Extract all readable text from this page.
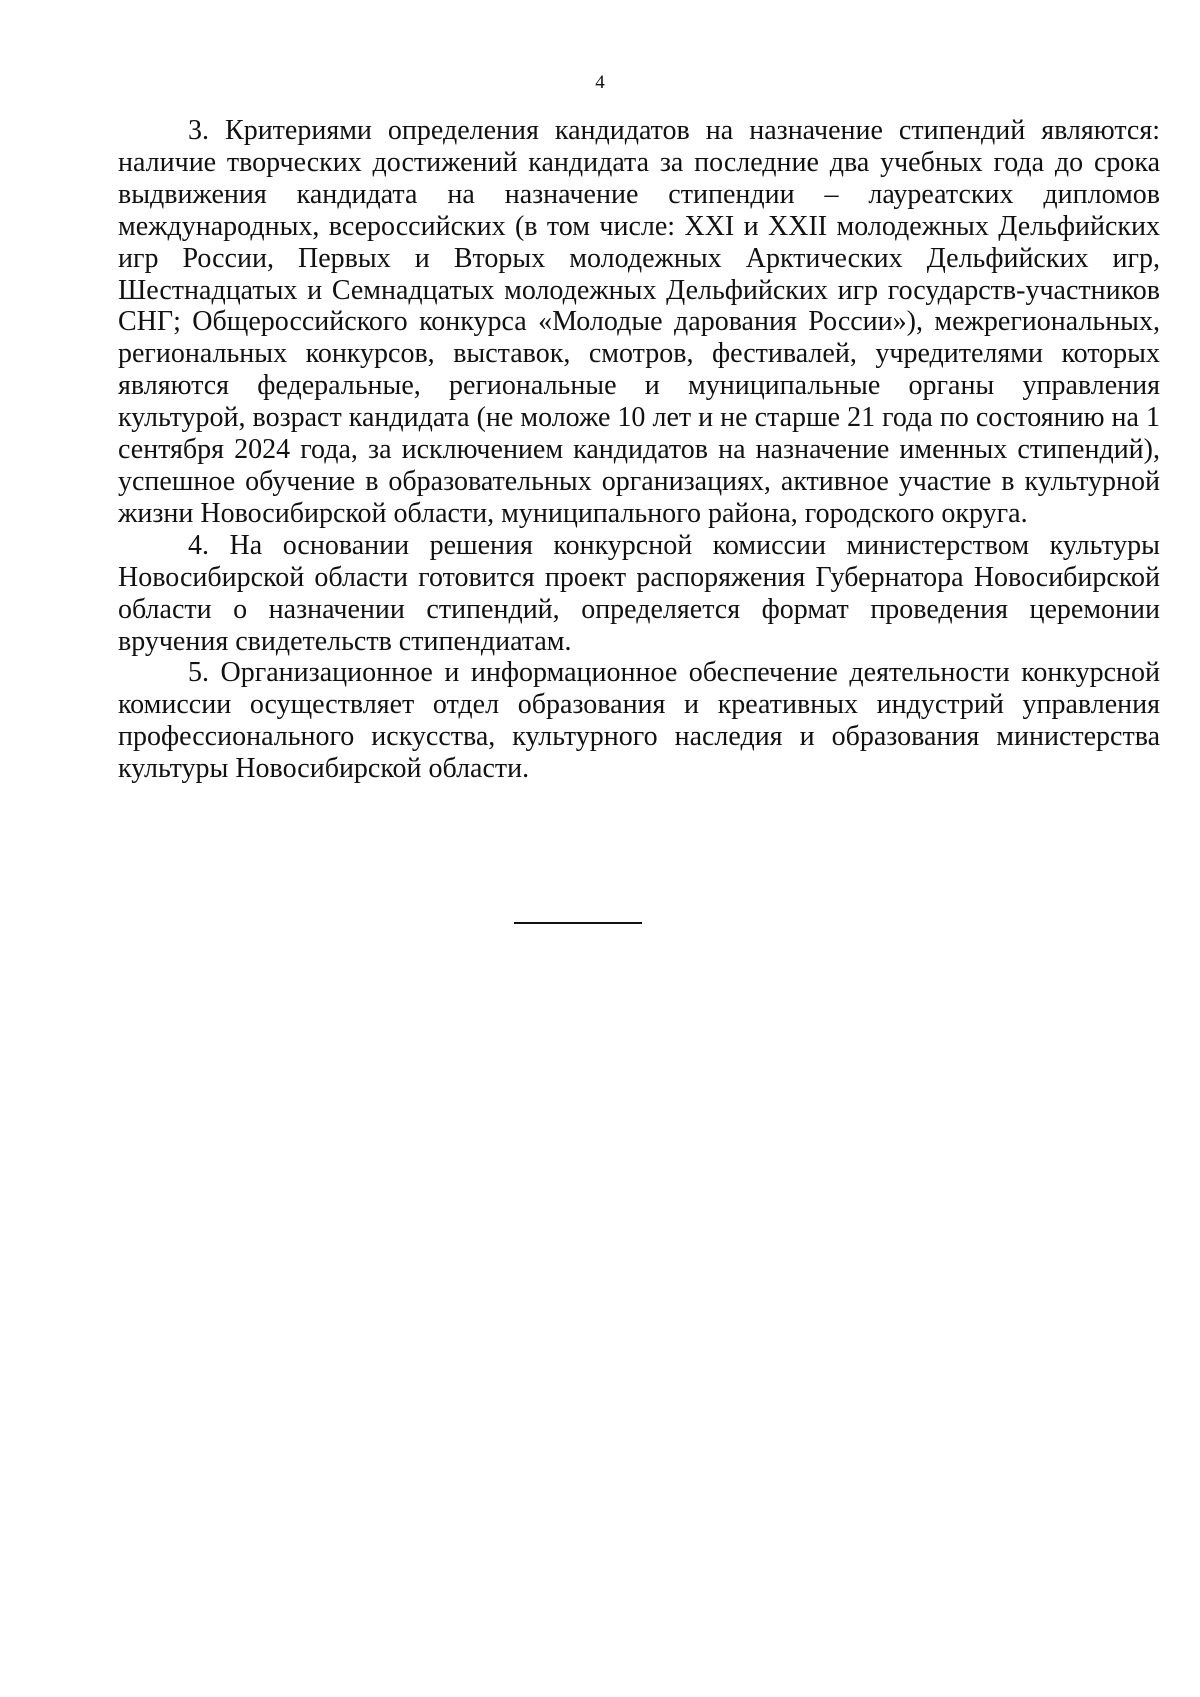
4

3. Критериями определения кандидатов на назначение стипендий являются: наличие творческих достижений кандидата за последние два учебных года до срока выдвижения кандидата на назначение стипендии – лауреатских дипломов международных, всероссийских (в том числе: XXI и XXII молодежных Дельфийских игр России, Первых и Вторых молодежных Арктических Дельфийских игр, Шестнадцатых и Семнадцатых молодежных Дельфийских игр государств-участников СНГ; Общероссийского конкурса «Молодые дарования России»), межрегиональных, региональных конкурсов, выставок, смотров, фестивалей, учредителями которых являются федеральные, региональные и муниципальные органы управления культурой, возраст кандидата (не моложе 10 лет и не старше 21 года по состоянию на 1 сентября 2024 года, за исключением кандидатов на назначение именных стипендий), успешное обучение в образовательных организациях, активное участие в культурной жизни Новосибирской области, муниципального района, городского округа.

4. На основании решения конкурсной комиссии министерством культуры Новосибирской области готовится проект распоряжения Губернатора Новосибирской области о назначении стипендий, определяется формат проведения церемонии вручения свидетельств стипендиатам.

5. Организационное и информационное обеспечение деятельности конкурсной комиссии осуществляет отдел образования и креативных индустрий управления профессионального искусства, культурного наследия и образования министерства культуры Новосибирской области.
